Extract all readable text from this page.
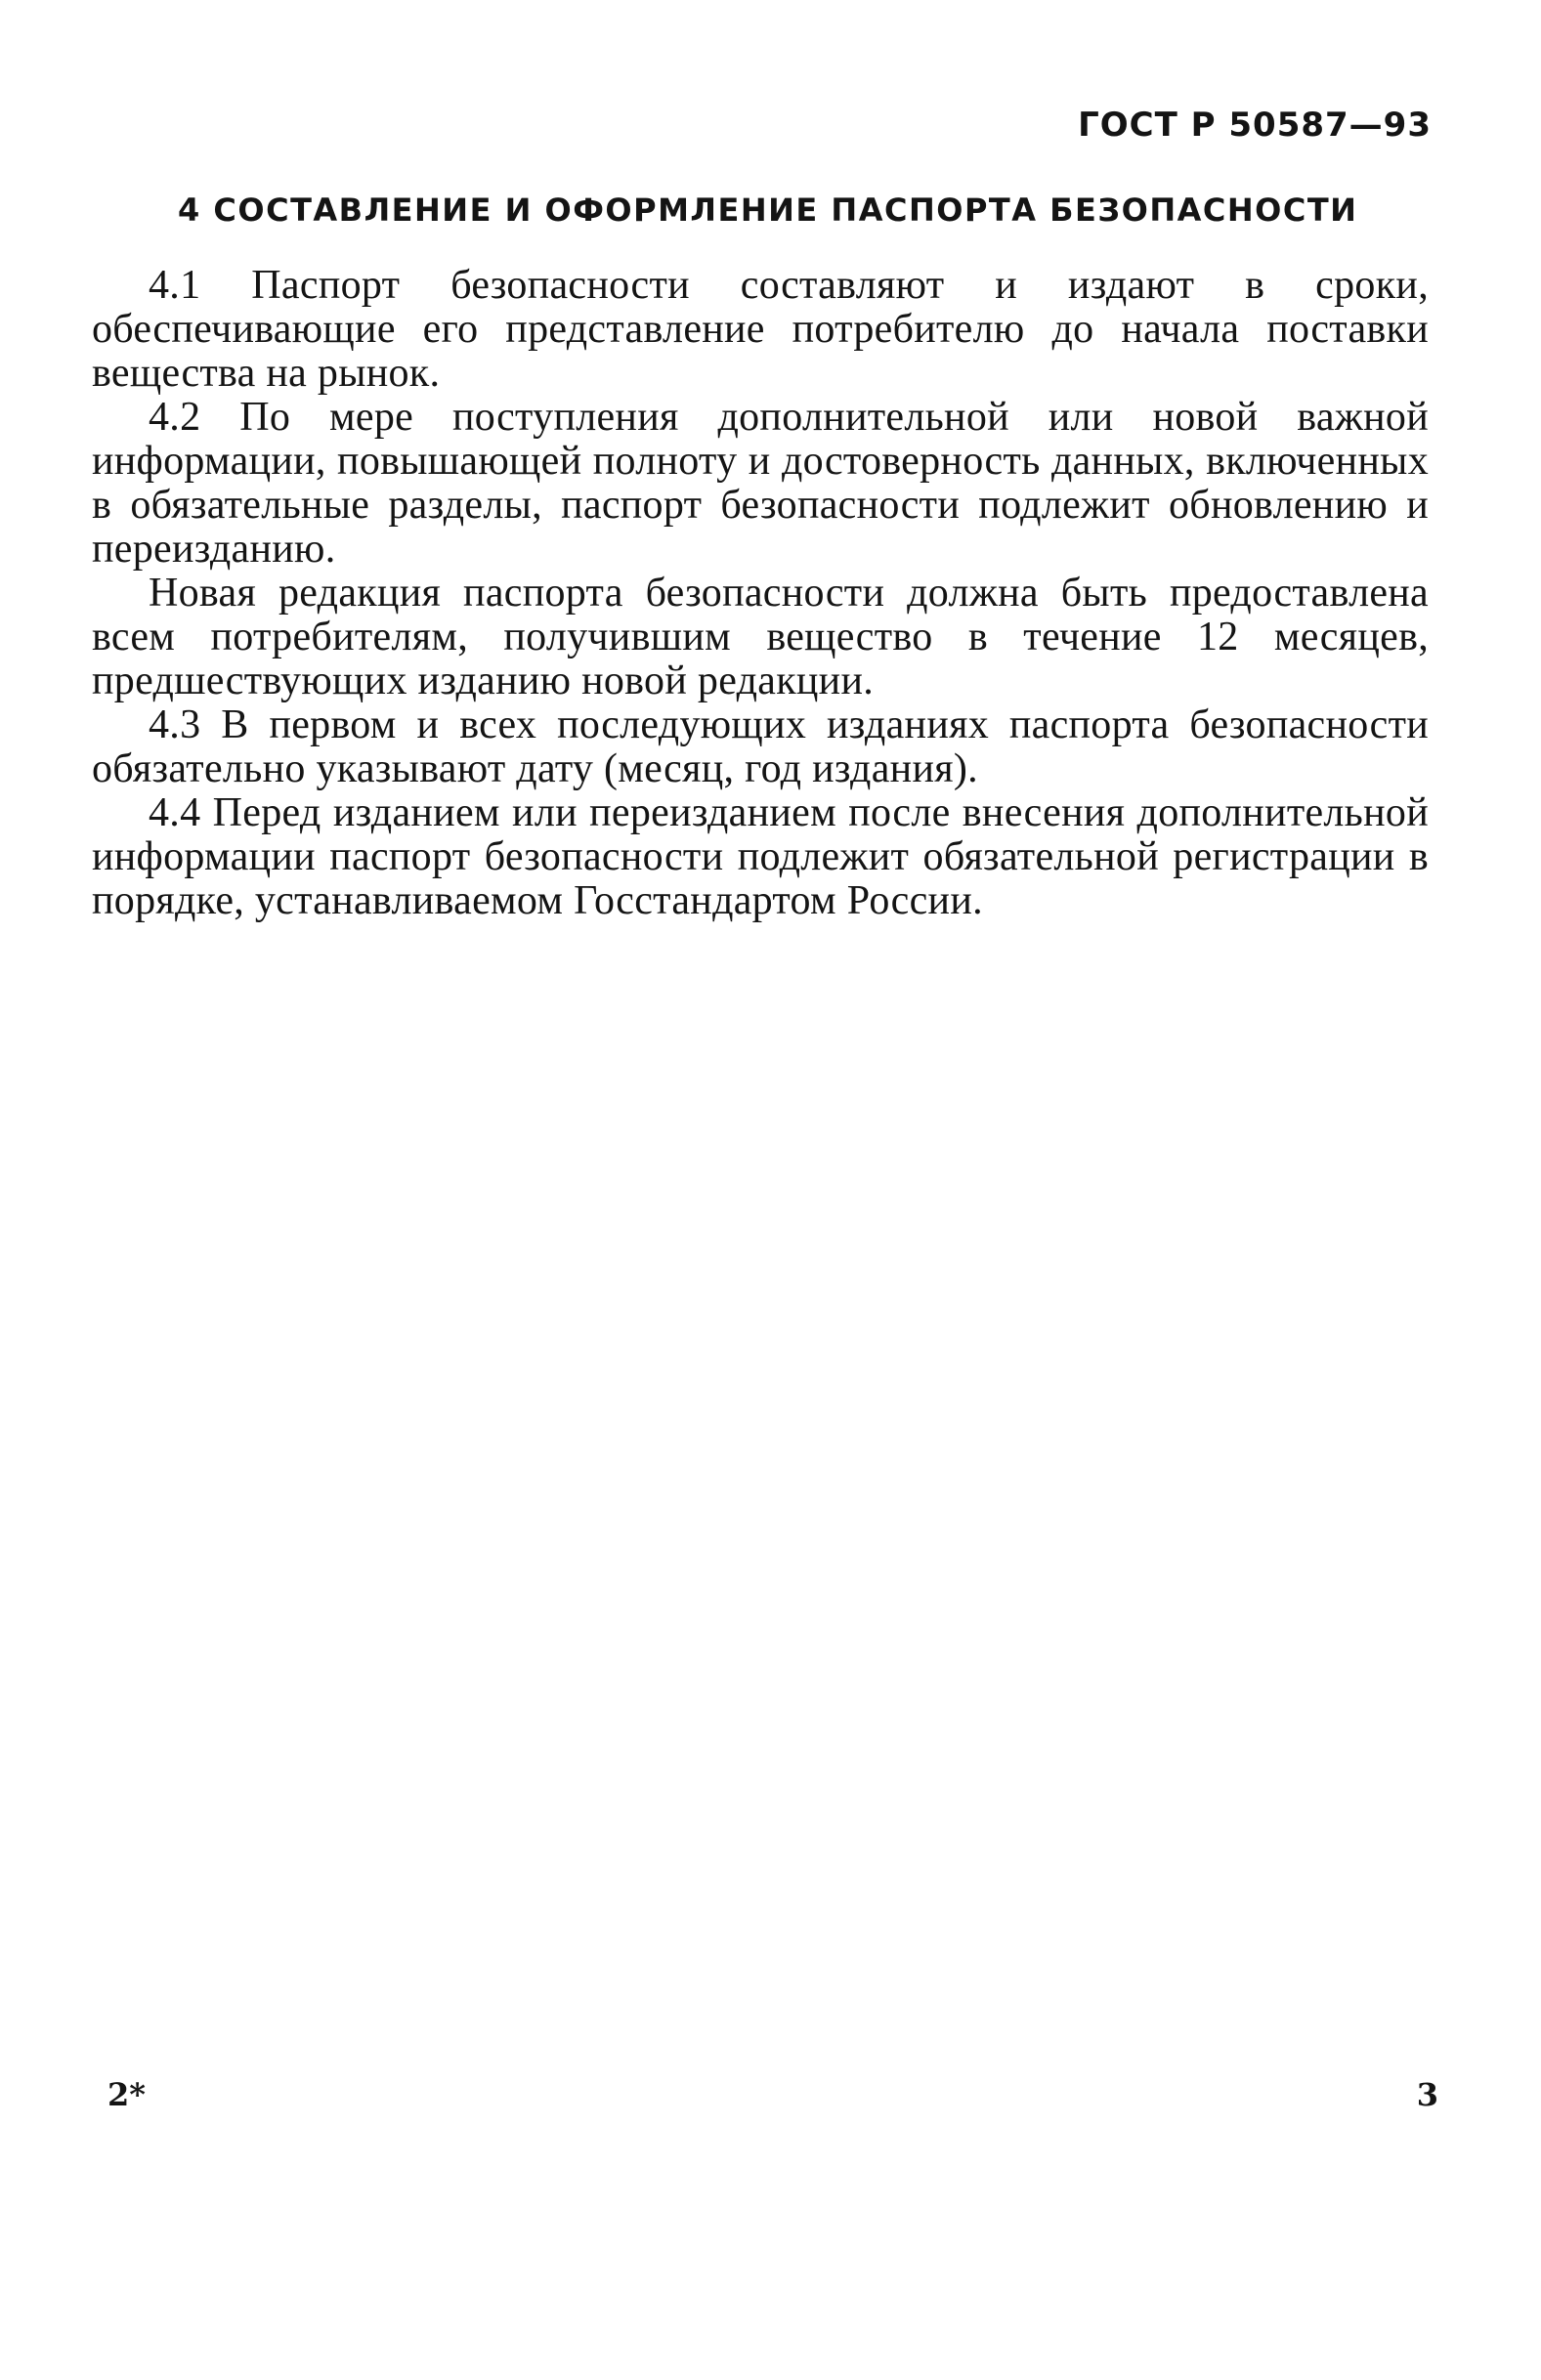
ГОСТ Р 50587—93
4 СОСТАВЛЕНИЕ И ОФОРМЛЕНИЕ ПАСПОРТА БЕЗОПАСНОСТИ

4.1 Паспорт безопасности составляют и издают в сроки, обеспечивающие его представление потребителю до начала поставки вещества на рынок.

4.2 По мере поступления дополнительной или новой важной информации, повышающей полноту и достоверность данных, включенных в обязательные разделы, паспорт безопасности подлежит обновлению и переизданию.

Новая редакция паспорта безопасности должна быть предоставлена всем потребителям, получившим вещество в течение 12 месяцев, предшествующих изданию новой редакции.

4.3 В первом и всех последующих изданиях паспорта безопасности обязательно указывают дату (месяц, год издания).

4.4 Перед изданием или переизданием после внесения дополнительной информации паспорт безопасности подлежит обязательной регистрации в порядке, устанавливаемом Госстандартом России.

2*	3
